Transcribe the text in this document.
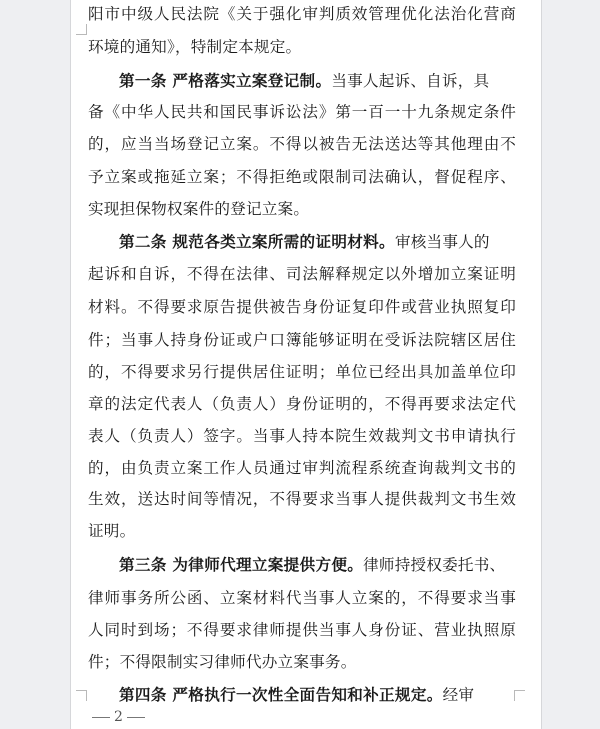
阳市中级人民法院《关于强化审判质效管理优化法治化营商
环境的通知》，特制定本规定。
第一条 严格落实立案登记制。当事人起诉、自诉，具
备《中华人民共和国民事诉讼法》第一百一十九条规定条件
的，应当当场登记立案。不得以被告无法送达等其他理由不
予立案或拖延立案；不得拒绝或限制司法确认，督促程序、
实现担保物权案件的登记立案。
第二条 规范各类立案所需的证明材料。审核当事人的
起诉和自诉，不得在法律、司法解释规定以外增加立案证明
材料。不得要求原告提供被告身份证复印件或营业执照复印
件；当事人持身份证或户口簿能够证明在受诉法院辖区居住
的，不得要求另行提供居住证明；单位已经出具加盖单位印
章的法定代表人（负责人）身份证明的，不得再要求法定代
表人（负责人）签字。当事人持本院生效裁判文书申请执行
的，由负责立案工作人员通过审判流程系统查询裁判文书的
生效，送达时间等情况，不得要求当事人提供裁判文书生效
证明。
第三条 为律师代理立案提供方便。律师持授权委托书、
律师事务所公函、立案材料代当事人立案的，不得要求当事
人同时到场；不得要求律师提供当事人身份证、营业执照原
件；不得限制实习律师代办立案事务。
第四条 严格执行一次性全面告知和补正规定。经审
2
